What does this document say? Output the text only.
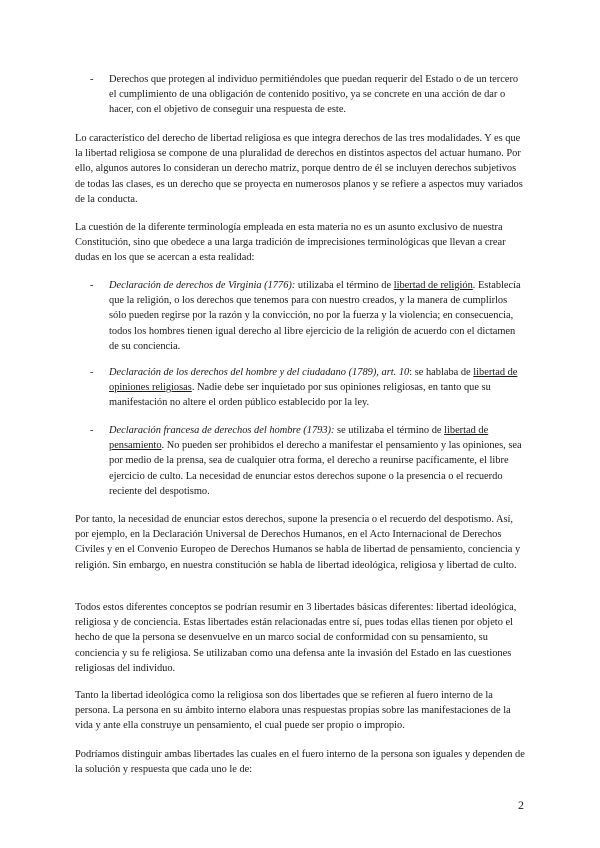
- Derechos que protegen al individuo permitiéndoles que puedan requerir del Estado o de un tercero el cumplimiento de una obligación de contenido positivo, ya se concrete en una acción de dar o hacer, con el objetivo de conseguir una respuesta de este.

Lo característico del derecho de libertad religiosa es que integra derechos de las tres modalidades. Y es que la libertad religiosa se compone de una pluralidad de derechos en distintos aspectos del actuar humano. Por ello, algunos autores lo consideran un derecho matriz, porque dentro de él se incluyen derechos subjetivos de todas las clases, es un derecho que se proyecta en numerosos planos y se refiere a aspectos muy variados de la conducta.

La cuestión de la diferente terminología empleada en esta materia no es un asunto exclusivo de nuestra Constitución, sino que obedece a una larga tradición de imprecisiones terminológicas que llevan a crear dudas en los que se acercan a esta realidad:

- Declaración de derechos de Virginia (1776): utilizaba el término de libertad de religión. Establecía que la religión, o los derechos que tenemos para con nuestro creados, y la manera de cumplirlos sólo pueden regirse por la razón y la convicción, no por la fuerza y la violencia; en consecuencia, todos los hombres tienen igual derecho al libre ejercicio de la religión de acuerdo con el dictamen de su conciencia.
- Declaración de los derechos del hombre y del ciudadano (1789), art. 10: se hablaba de libertad de opiniones religiosas. Nadie debe ser inquietado por sus opiniones religiosas, en tanto que su manifestación no altere el orden público establecido por la ley.
- Declaración francesa de derechos del hombre (1793): se utilizaba el término de libertad de pensamiento. No pueden ser prohibidos el derecho a manifestar el pensamiento y las opiniones, sea por medio de la prensa, sea de cualquier otra forma, el derecho a reunirse pacíficamente, el libre ejercicio de culto. La necesidad de enunciar estos derechos supone o la presencia o el recuerdo reciente del despotismo.

Por tanto, la necesidad de enunciar estos derechos, supone la presencia o el recuerdo del despotismo. Así, por ejemplo, en la Declaración Universal de Derechos Humanos, en el Acto Internacional de Derechos Civiles y en el Convenio Europeo de Derechos Humanos se habla de libertad de pensamiento, conciencia y religión. Sin embargo, en nuestra constitución se habla de libertad ideológica, religiosa y libertad de culto.

Todos estos diferentes conceptos se podrían resumir en 3 libertades básicas diferentes: libertad ideológica, religiosa y de conciencia. Estas libertades están relacionadas entre sí, pues todas ellas tienen por objeto el hecho de que la persona se desenvuelve en un marco social de conformidad con su pensamiento, su conciencia y su fe religiosa. Se utilizaban como una defensa ante la invasión del Estado en las cuestiones religiosas del individuo.

Tanto la libertad ideológica como la religiosa son dos libertades que se refieren al fuero interno de la persona. La persona en su ámbito interno elabora unas respuestas propias sobre las manifestaciones de la vida y ante ella construye un pensamiento, el cual puede ser propio o impropio.

Podríamos distinguir ambas libertades las cuales en el fuero interno de la persona son iguales y dependen de la solución y respuesta que cada uno le de:

2
